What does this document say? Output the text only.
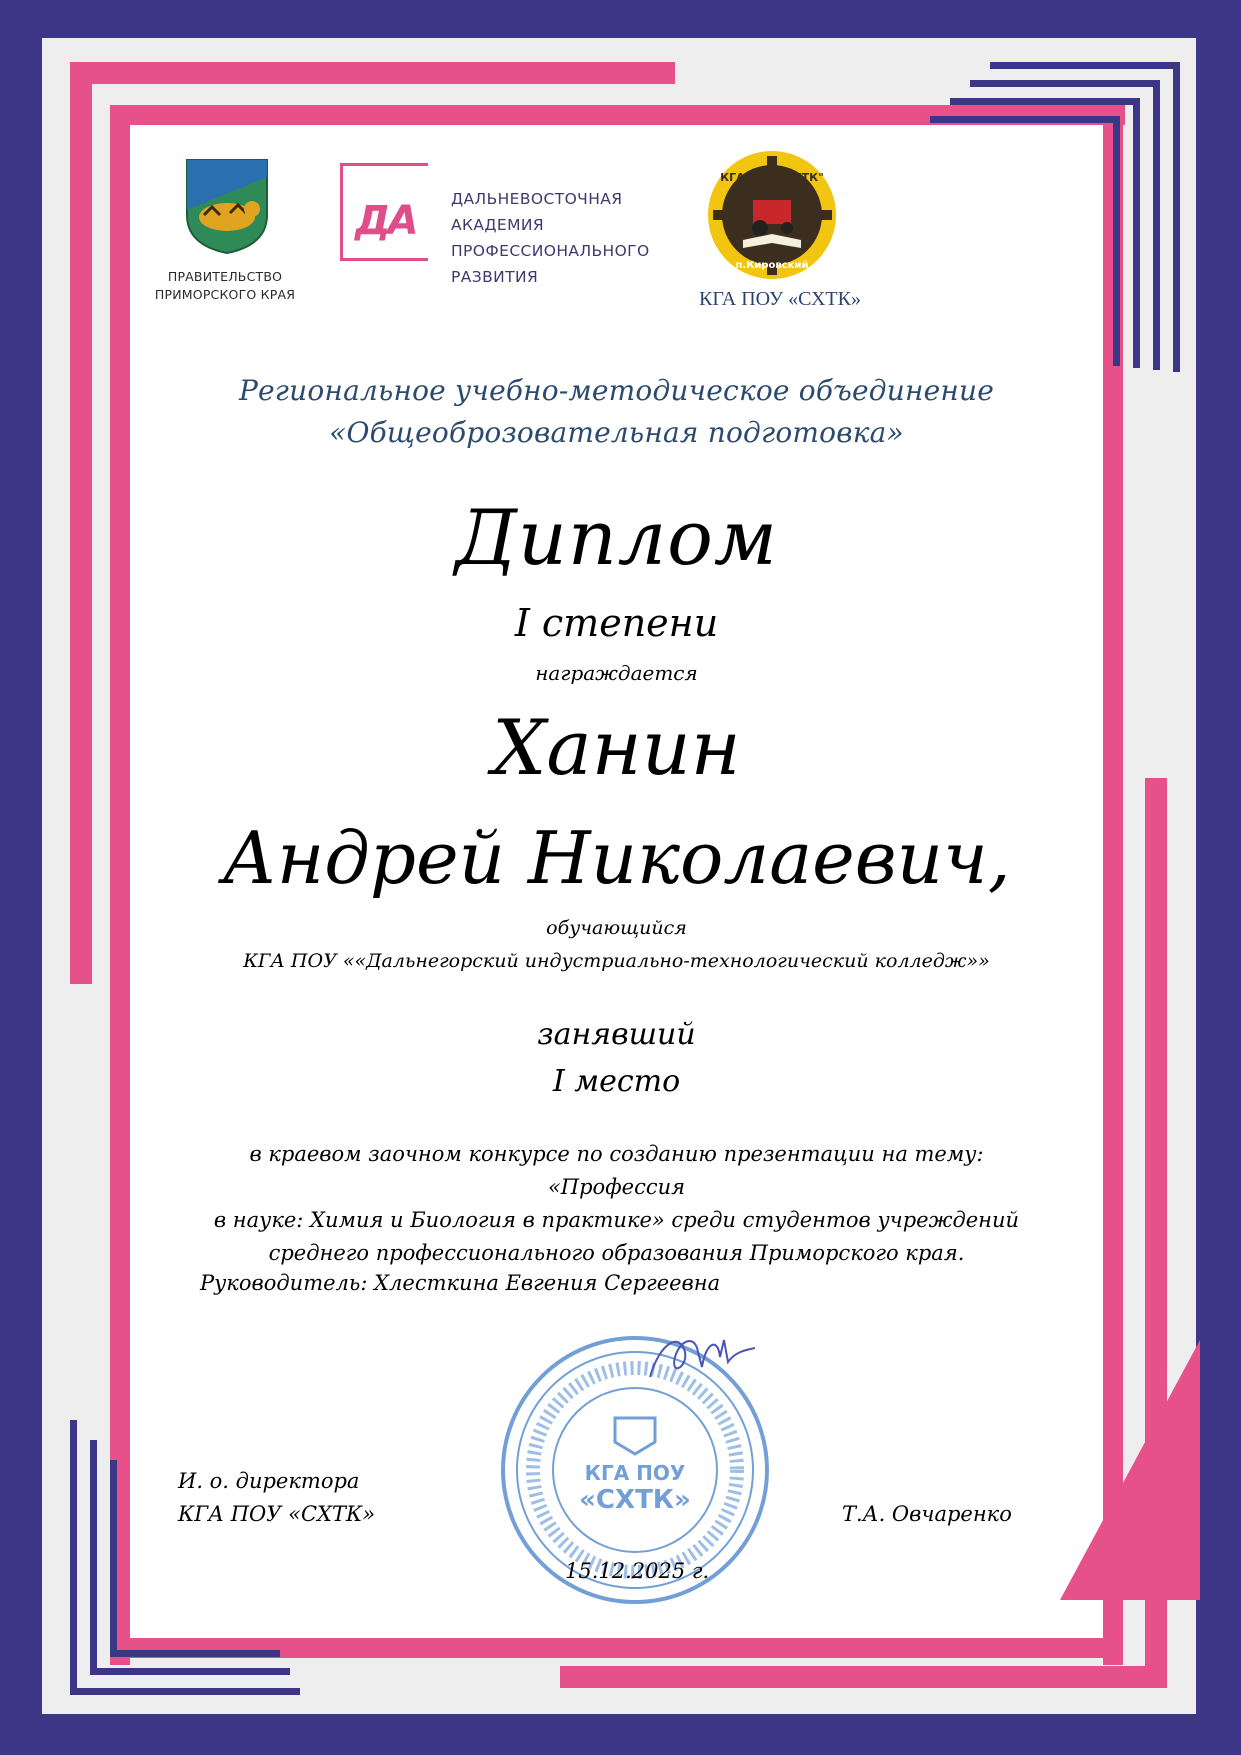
ПРАВИТЕЛЬСТВО
ПРИМОРСКОГО КРАЯ
ДА ДАЛЬНЕВОСТОЧНАЯ
АКАДЕМИЯ
ПРОФЕССИОНАЛЬНОГО
РАЗВИТИЯ
КГА ПОУ "СХТК"
п.Кировский
КГА ПОУ «СХТК»
Региональное учебно-методическое объединение
«Общеоброзовательная подготовка»
Диплом
I степени
награждается
Ханин
Андрей Николаевич,
обучающийся
КГА ПОУ ««Дальнегорский индустриально-технологический колледж»»
занявший
I место
в краевом заочном конкурсе по созданию презентации на тему: «Профессия
в науке: Химия и Биология в практике» среди студентов учреждений
среднего профессионального образования Приморского края.
Руководитель: Хлесткина Евгения Сергеевна
КГА ПОУ
«СХТК»
И. о. директора
КГА ПОУ «СХТК»	Т.А. Овчаренко
15.12.2025 г.
